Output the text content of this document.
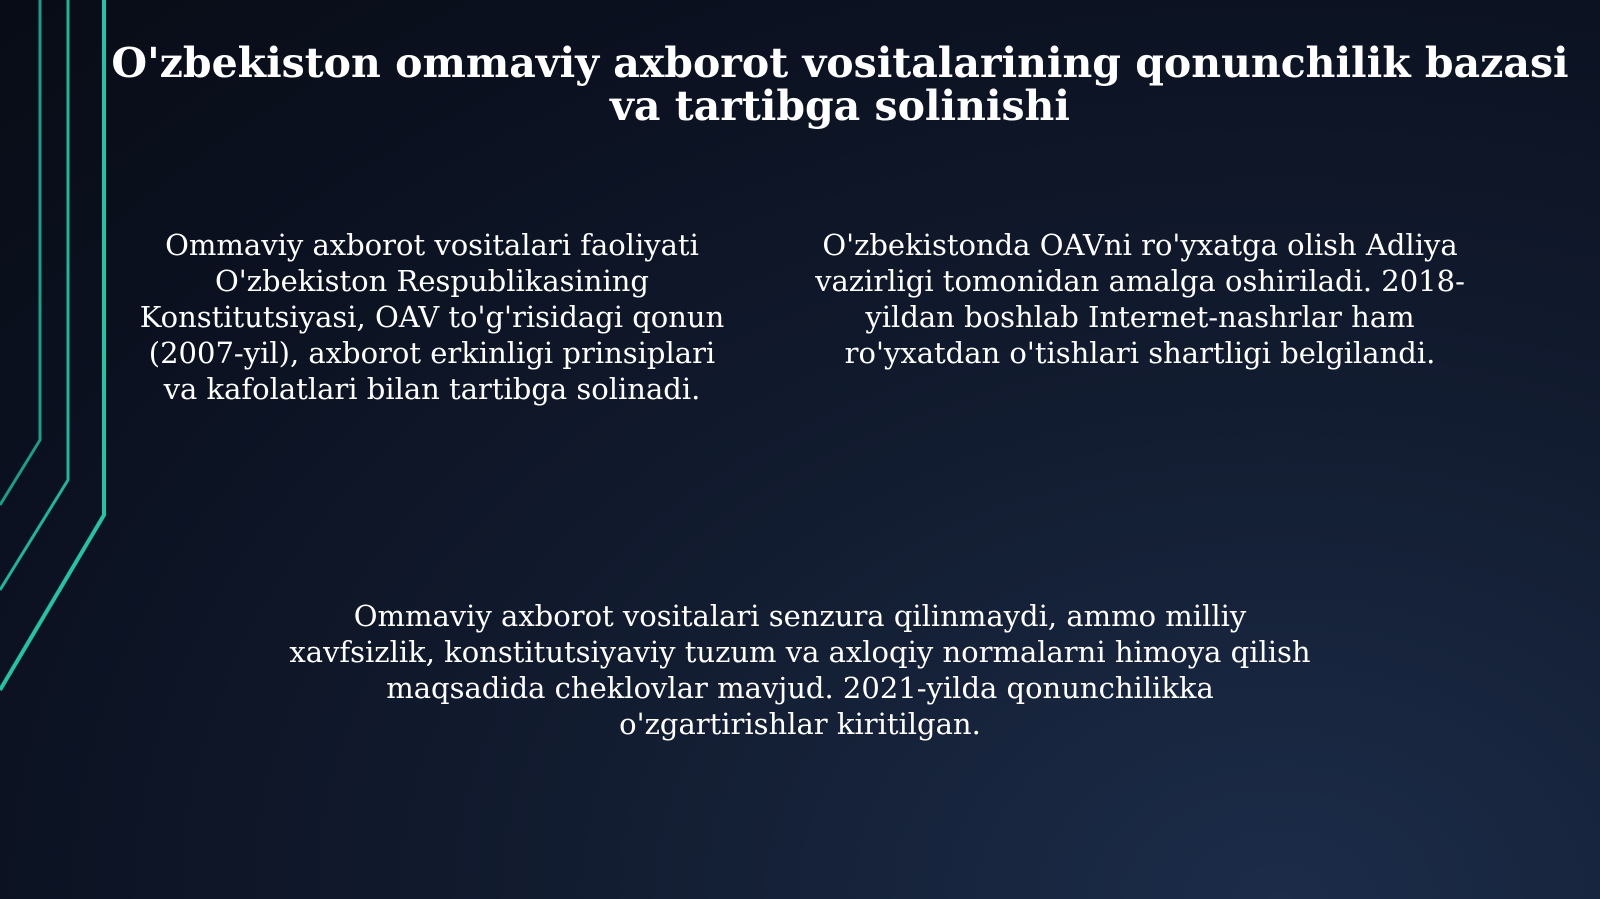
O'zbekiston ommaviy axborot vositalarining qonunchilik bazasi va tartibga solinishi

Ommaviy axborot vositalari faoliyati O'zbekiston Respublikasining Konstitutsiyasi, OAV to'g'risidagi qonun (2007-yil), axborot erkinligi prinsiplari va kafolatlari bilan tartibga solinadi.

O'zbekistonda OAVni ro'yxatga olish Adliya vazirligi tomonidan amalga oshiriladi. 2018-yildan boshlab Internet-nashrlar ham ro'yxatdan o'tishlari shartligi belgilandi.

Ommaviy axborot vositalari senzura qilinmaydi, ammo milliy xavfsizlik, konstitutsiyaviy tuzum va axloqiy normalarni himoya qilish maqsadida cheklovlar mavjud. 2021-yilda qonunchilikka o'zgartirishlar kiritilgan.
